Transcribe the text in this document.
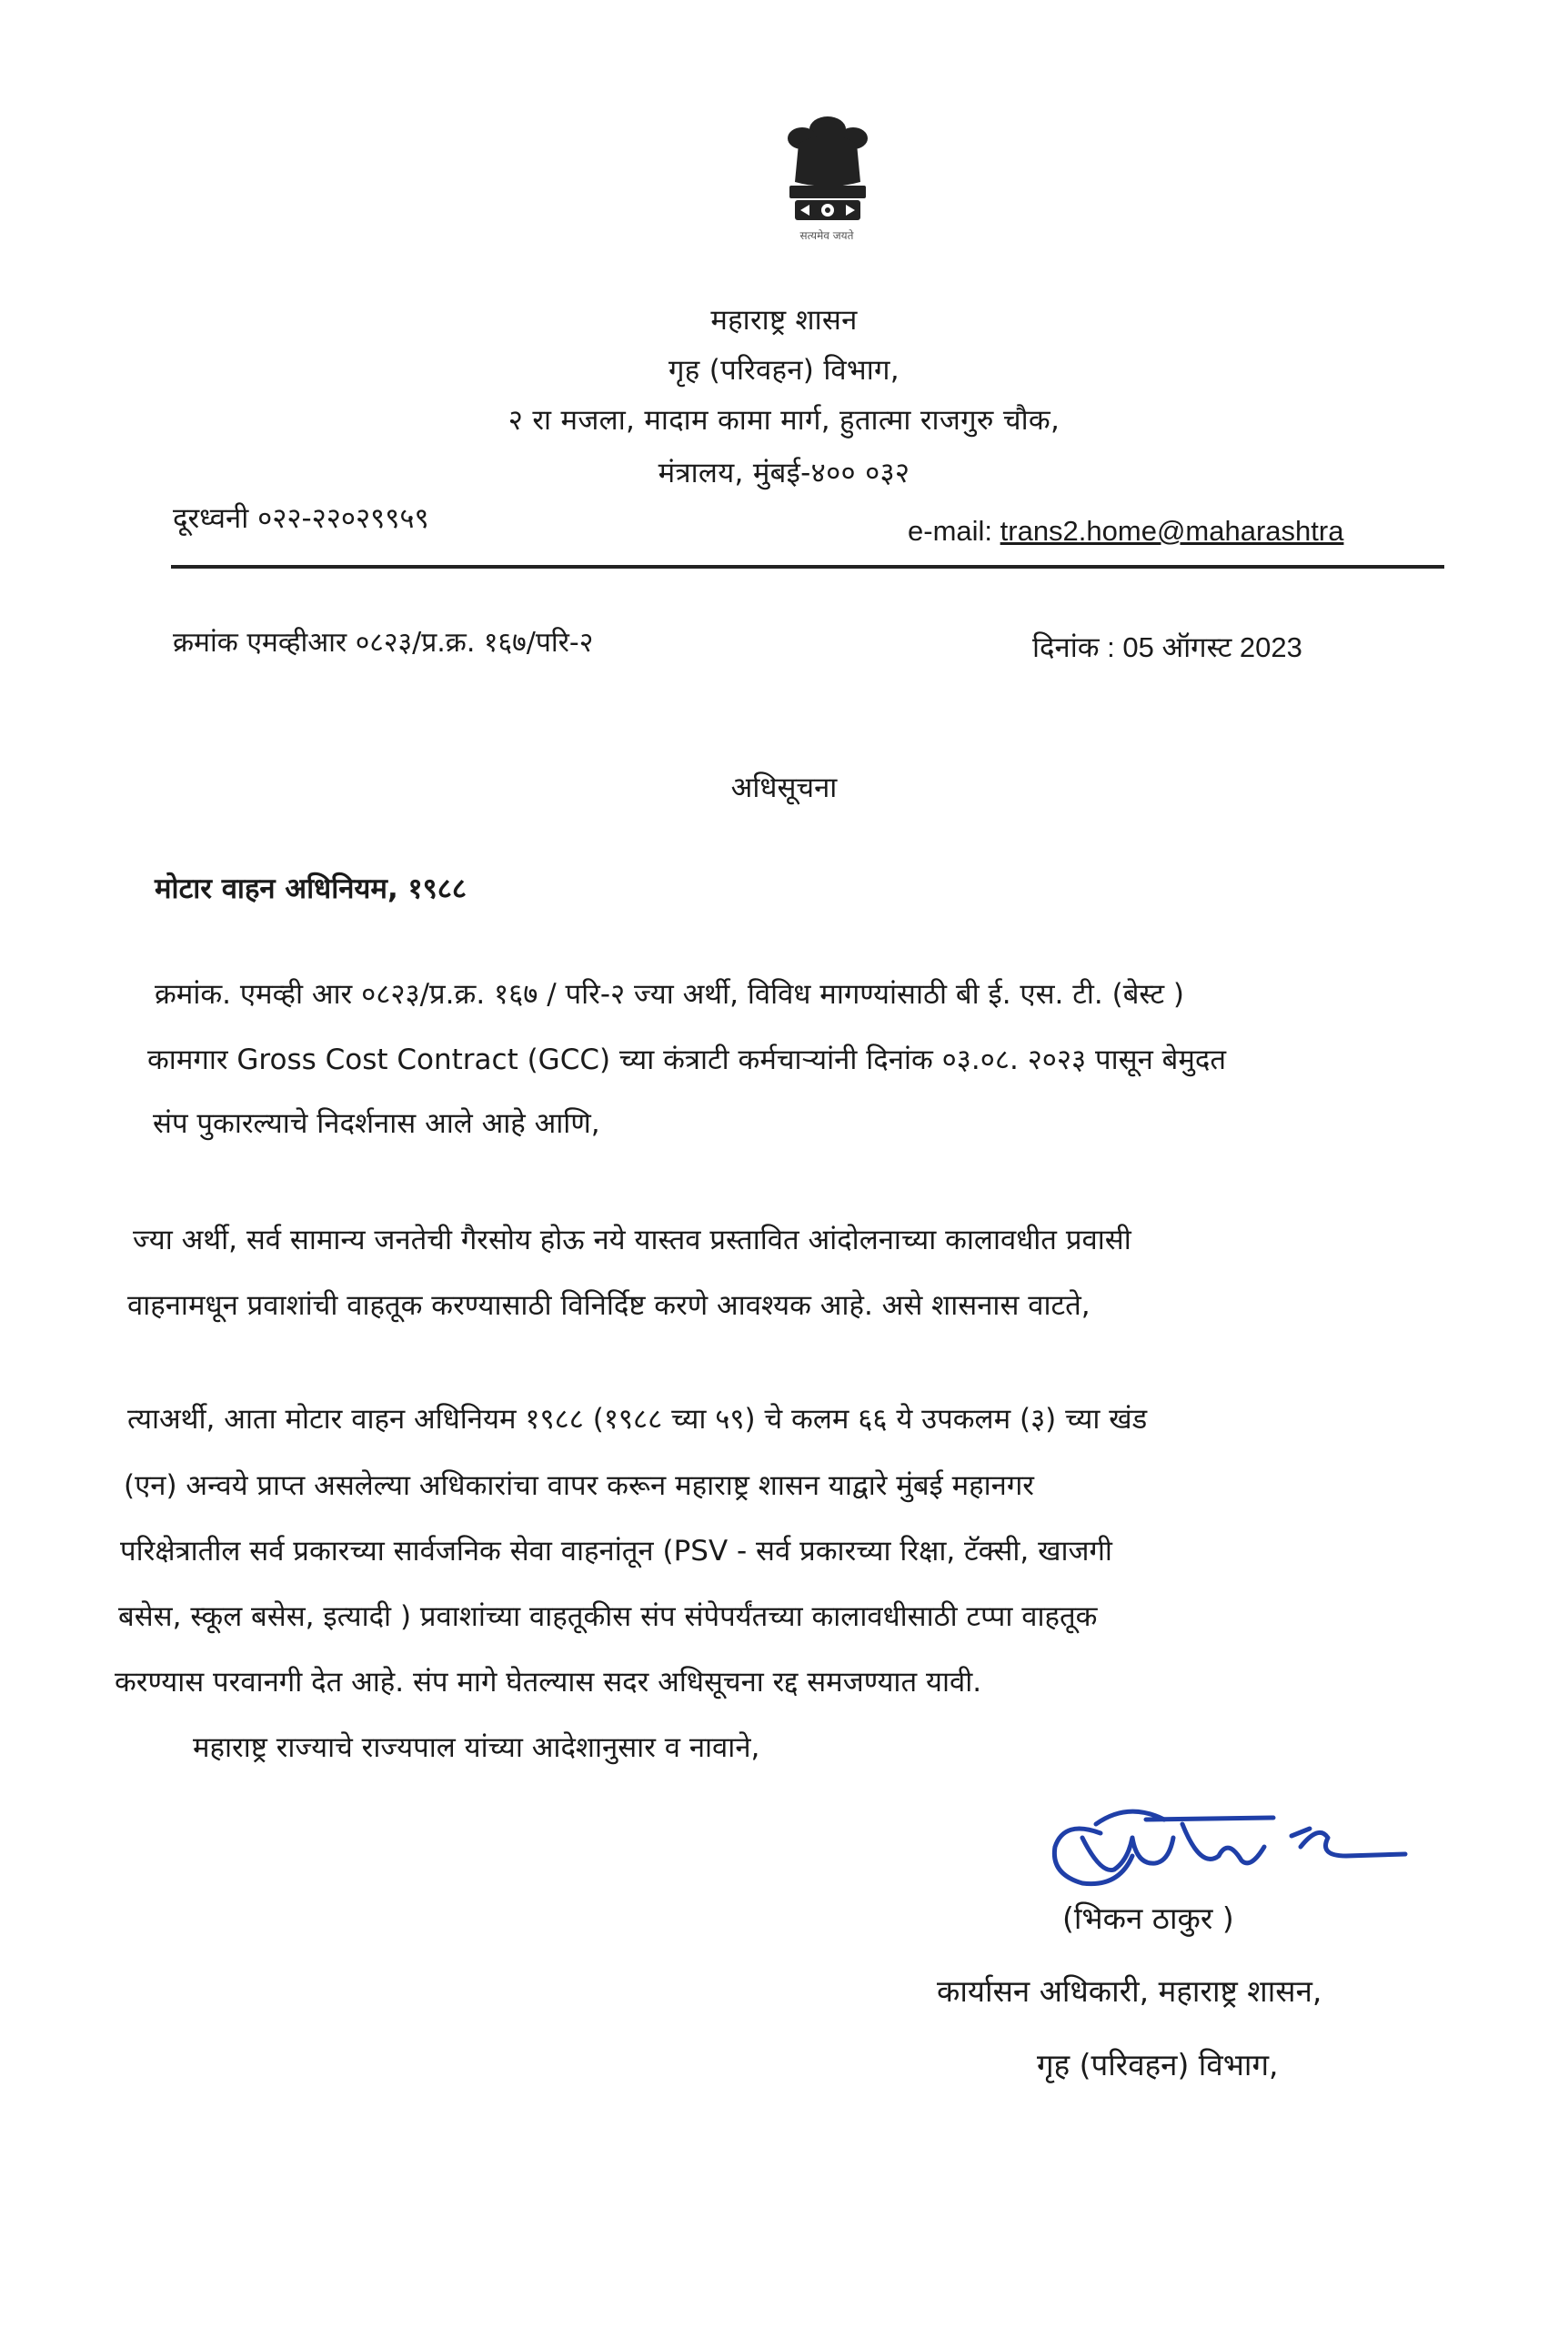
सत्यमेव जयते
महाराष्ट्र शासन
गृह (परिवहन) विभाग,
२ रा मजला, मादाम कामा मार्ग, हुतात्मा राजगुरु चौक,
मंत्रालय, मुंबई-४०० ०३२
दूरध्वनी ०२२-२२०२९९५९	e-mail: trans2.home@maharashtra
क्रमांक एमव्हीआर ०८२३/प्र.क्र. १६७/परि-२	दिनांक : 05 ऑगस्ट 2023
अधिसूचना
मोटार वाहन अधिनियम, १९८८
क्रमांक. एमव्ही आर ०८२३/प्र.क्र. १६७ / परि-२ ज्या अर्थी, विविध मागण्यांसाठी बी ई. एस. टी. (बेस्ट )
कामगार Gross Cost Contract (GCC) च्या कंत्राटी कर्मचाऱ्यांनी दिनांक ०३.०८. २०२३ पासून बेमुदत
संप पुकारल्याचे निदर्शनास आले आहे आणि,
ज्या अर्थी, सर्व सामान्य जनतेची गैरसोय होऊ नये यास्तव प्रस्तावित आंदोलनाच्या कालावधीत प्रवासी
वाहनामधून प्रवाशांची वाहतूक करण्यासाठी विनिर्दिष्ट करणे आवश्यक आहे. असे शासनास वाटते,
त्याअर्थी, आता मोटार वाहन अधिनियम १९८८ (१९८८ च्या ५९) चे कलम ६६ ये उपकलम (३) च्या खंड
(एन) अन्वये प्राप्त असलेल्या अधिकारांचा वापर करून महाराष्ट्र शासन याद्वारे मुंबई महानगर
परिक्षेत्रातील सर्व प्रकारच्या सार्वजनिक सेवा वाहनांतून (PSV - सर्व प्रकारच्या रिक्षा, टॅक्सी, खाजगी
बसेस, स्कूल बसेस, इत्यादी ) प्रवाशांच्या वाहतूकीस संप संपेपर्यंतच्या कालावधीसाठी टप्पा वाहतूक
करण्यास परवानगी देत आहे. संप मागे घेतल्यास सदर अधिसूचना रद्द समजण्यात यावी.
महाराष्ट्र राज्याचे राज्यपाल यांच्या आदेशानुसार व नावाने,
(भिकन ठाकुर )
कार्यासन अधिकारी, महाराष्ट्र शासन,
गृह (परिवहन) विभाग,
